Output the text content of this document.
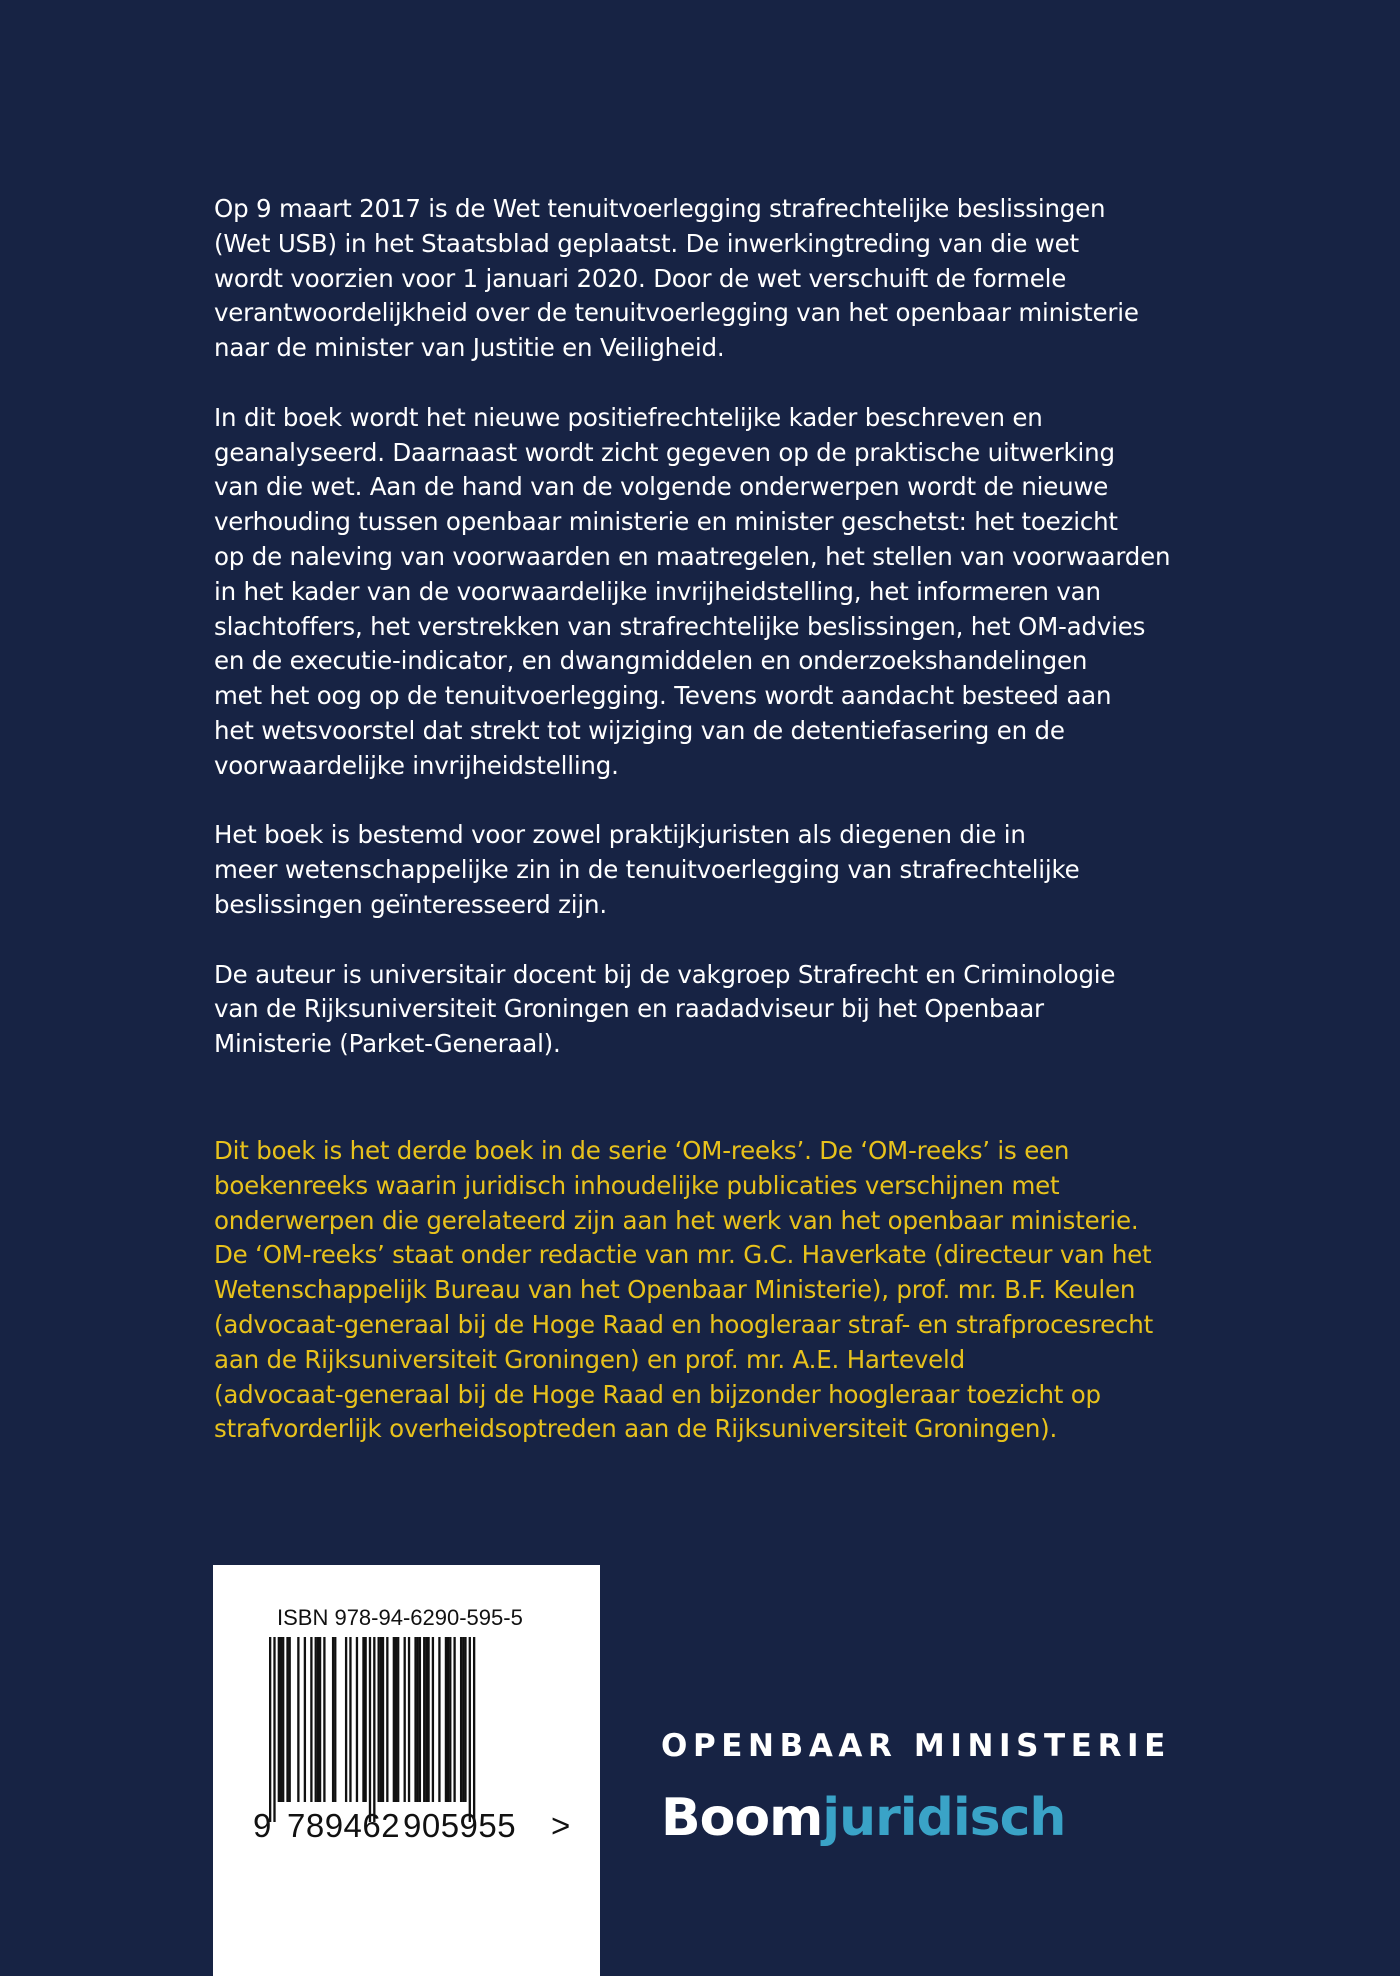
Op 9 maart 2017 is de Wet tenuitvoerlegging strafrechtelijke beslissingen
(Wet USB) in het Staatsblad geplaatst. De inwerkingtreding van die wet
wordt voorzien voor 1 januari 2020. Door de wet verschuift de formele
verantwoordelijkheid over de tenuitvoerlegging van het openbaar ministerie
naar de minister van Justitie en Veiligheid.

In dit boek wordt het nieuwe positiefrechtelijke kader beschreven en
geanalyseerd. Daarnaast wordt zicht gegeven op de praktische uitwerking
van die wet. Aan de hand van de volgende onderwerpen wordt de nieuwe
verhouding tussen openbaar ministerie en minister geschetst: het toezicht
op de naleving van voorwaarden en maatregelen, het stellen van voorwaarden
in het kader van de voorwaardelijke invrijheidstelling, het informeren van
slachtoffers, het verstrekken van strafrechtelijke beslissingen, het OM-advies
en de executie-indicator, en dwangmiddelen en onderzoekshandelingen
met het oog op de tenuitvoerlegging. Tevens wordt aandacht besteed aan
het wetsvoorstel dat strekt tot wijziging van de detentiefasering en de
voorwaardelijke invrijheidstelling.

Het boek is bestemd voor zowel praktijkjuristen als diegenen die in
meer wetenschappelijke zin in de tenuitvoerlegging van strafrechtelijke
beslissingen geïnteresseerd zijn.

De auteur is universitair docent bij de vakgroep Strafrecht en Criminologie
van de Rijksuniversiteit Groningen en raadadviseur bij het Openbaar
Ministerie (Parket-Generaal).

Dit boek is het derde boek in de serie ‘OM-reeks’. De ‘OM-reeks’ is een
boekenreeks waarin juridisch inhoudelijke publicaties verschijnen met
onderwerpen die gerelateerd zijn aan het werk van het openbaar ministerie.
De ‘OM-reeks’ staat onder redactie van mr. G.C. Haverkate (directeur van het
Wetenschappelijk Bureau van het Openbaar Ministerie), prof. mr. B.F. Keulen
(advocaat-generaal bij de Hoge Raad en hoogleraar straf- en strafprocesrecht
aan de Rijksuniversiteit Groningen) en prof. mr. A.E. Harteveld
(advocaat-generaal bij de Hoge Raad en bijzonder hoogleraar toezicht op
strafvorderlijk overheidsoptreden aan de Rijksuniversiteit Groningen).
ISBN 978-94-6290-595-5
9 789462 905955 >
OPENBAAR MINISTERIE
Boomjuridisch
